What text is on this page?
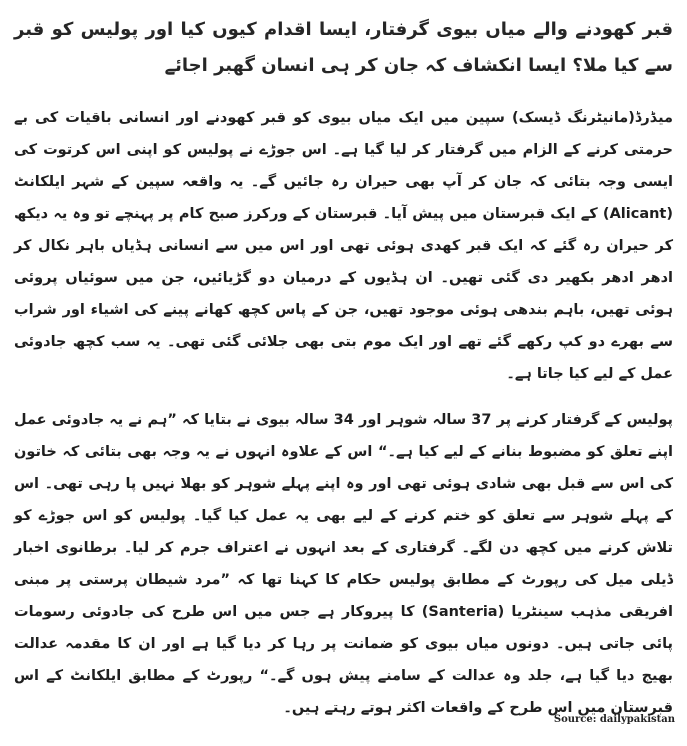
قبر کھودنے والے میاں بیوی گرفتار، ایسا اقدام کیوں کیا اور پولیس کو قبر سے کیا ملا؟ ایسا انکشاف کہ جان کر ہی انسان گھبر اجائے

میڈرڈ(مانیٹرنگ ڈیسک) سپین میں ایک میاں بیوی کو قبر کھودنے اور انسانی باقیات کی بے حرمتی کرنے کے الزام میں گرفتار کر لیا گیا ہے۔ اس جوڑے نے پولیس کو اپنی اس کرتوت کی ایسی وجہ بتائی کہ جان کر آپ بھی حیران رہ جائیں گے۔ یہ واقعہ سپین کے شہر ایلکانٹ (Alicant) کے ایک قبرستان میں پیش آیا۔ قبرستان کے ورکرز صبح کام پر پہنچے تو وہ یہ دیکھ کر حیران رہ گئے کہ ایک قبر کھدی ہوئی تھی اور اس میں سے انسانی ہڈیاں باہر نکال کر ادھر ادھر بکھیر دی گئی تھیں۔ ان ہڈیوں کے درمیان دو گڑیائیں، جن میں سوئیاں پروئی ہوئی تھیں، باہم بندھی ہوئی موجود تھیں، جن کے پاس کچھ کھانے پینے کی اشیاء اور شراب سے بھرے دو کپ رکھے گئے تھے اور ایک موم بتی بھی جلائی گئی تھی۔ یہ سب کچھ جادوئی عمل کے لیے کیا جاتا ہے۔

پولیس کے گرفتار کرنے پر 37 سالہ شوہر اور 34 سالہ بیوی نے بتایا کہ ”ہم نے یہ جادوئی عمل اپنے تعلق کو مضبوط بنانے کے لیے کیا ہے۔“ اس کے علاوہ انہوں نے یہ وجہ بھی بتائی کہ خاتون کی اس سے قبل بھی شادی ہوئی تھی اور وہ اپنے پہلے شوہر کو بھلا نہیں پا رہی تھی۔ اس کے پہلے شوہر سے تعلق کو ختم کرنے کے لیے بھی یہ عمل کیا گیا۔ پولیس کو اس جوڑے کو تلاش کرنے میں کچھ دن لگے۔ گرفتاری کے بعد انہوں نے اعتراف جرم کر لیا۔ برطانوی اخبار ڈیلی میل کی رپورٹ کے مطابق پولیس حکام کا کہنا تھا کہ ”مرد شیطان پرستی پر مبنی افریقی مذہب سینٹریا (Santeria) کا پیروکار ہے جس میں اس طرح کی جادوئی رسومات پائی جاتی ہیں۔ دونوں میاں بیوی کو ضمانت پر رہا کر دیا گیا ہے اور ان کا مقدمہ عدالت بھیج دیا گیا ہے، جلد وہ عدالت کے سامنے پیش ہوں گے۔“ رپورٹ کے مطابق ایلکانٹ کے اس قبرستان میں اس طرح کے واقعات اکثر ہوتے رہتے ہیں۔

Source: dailypakistan
